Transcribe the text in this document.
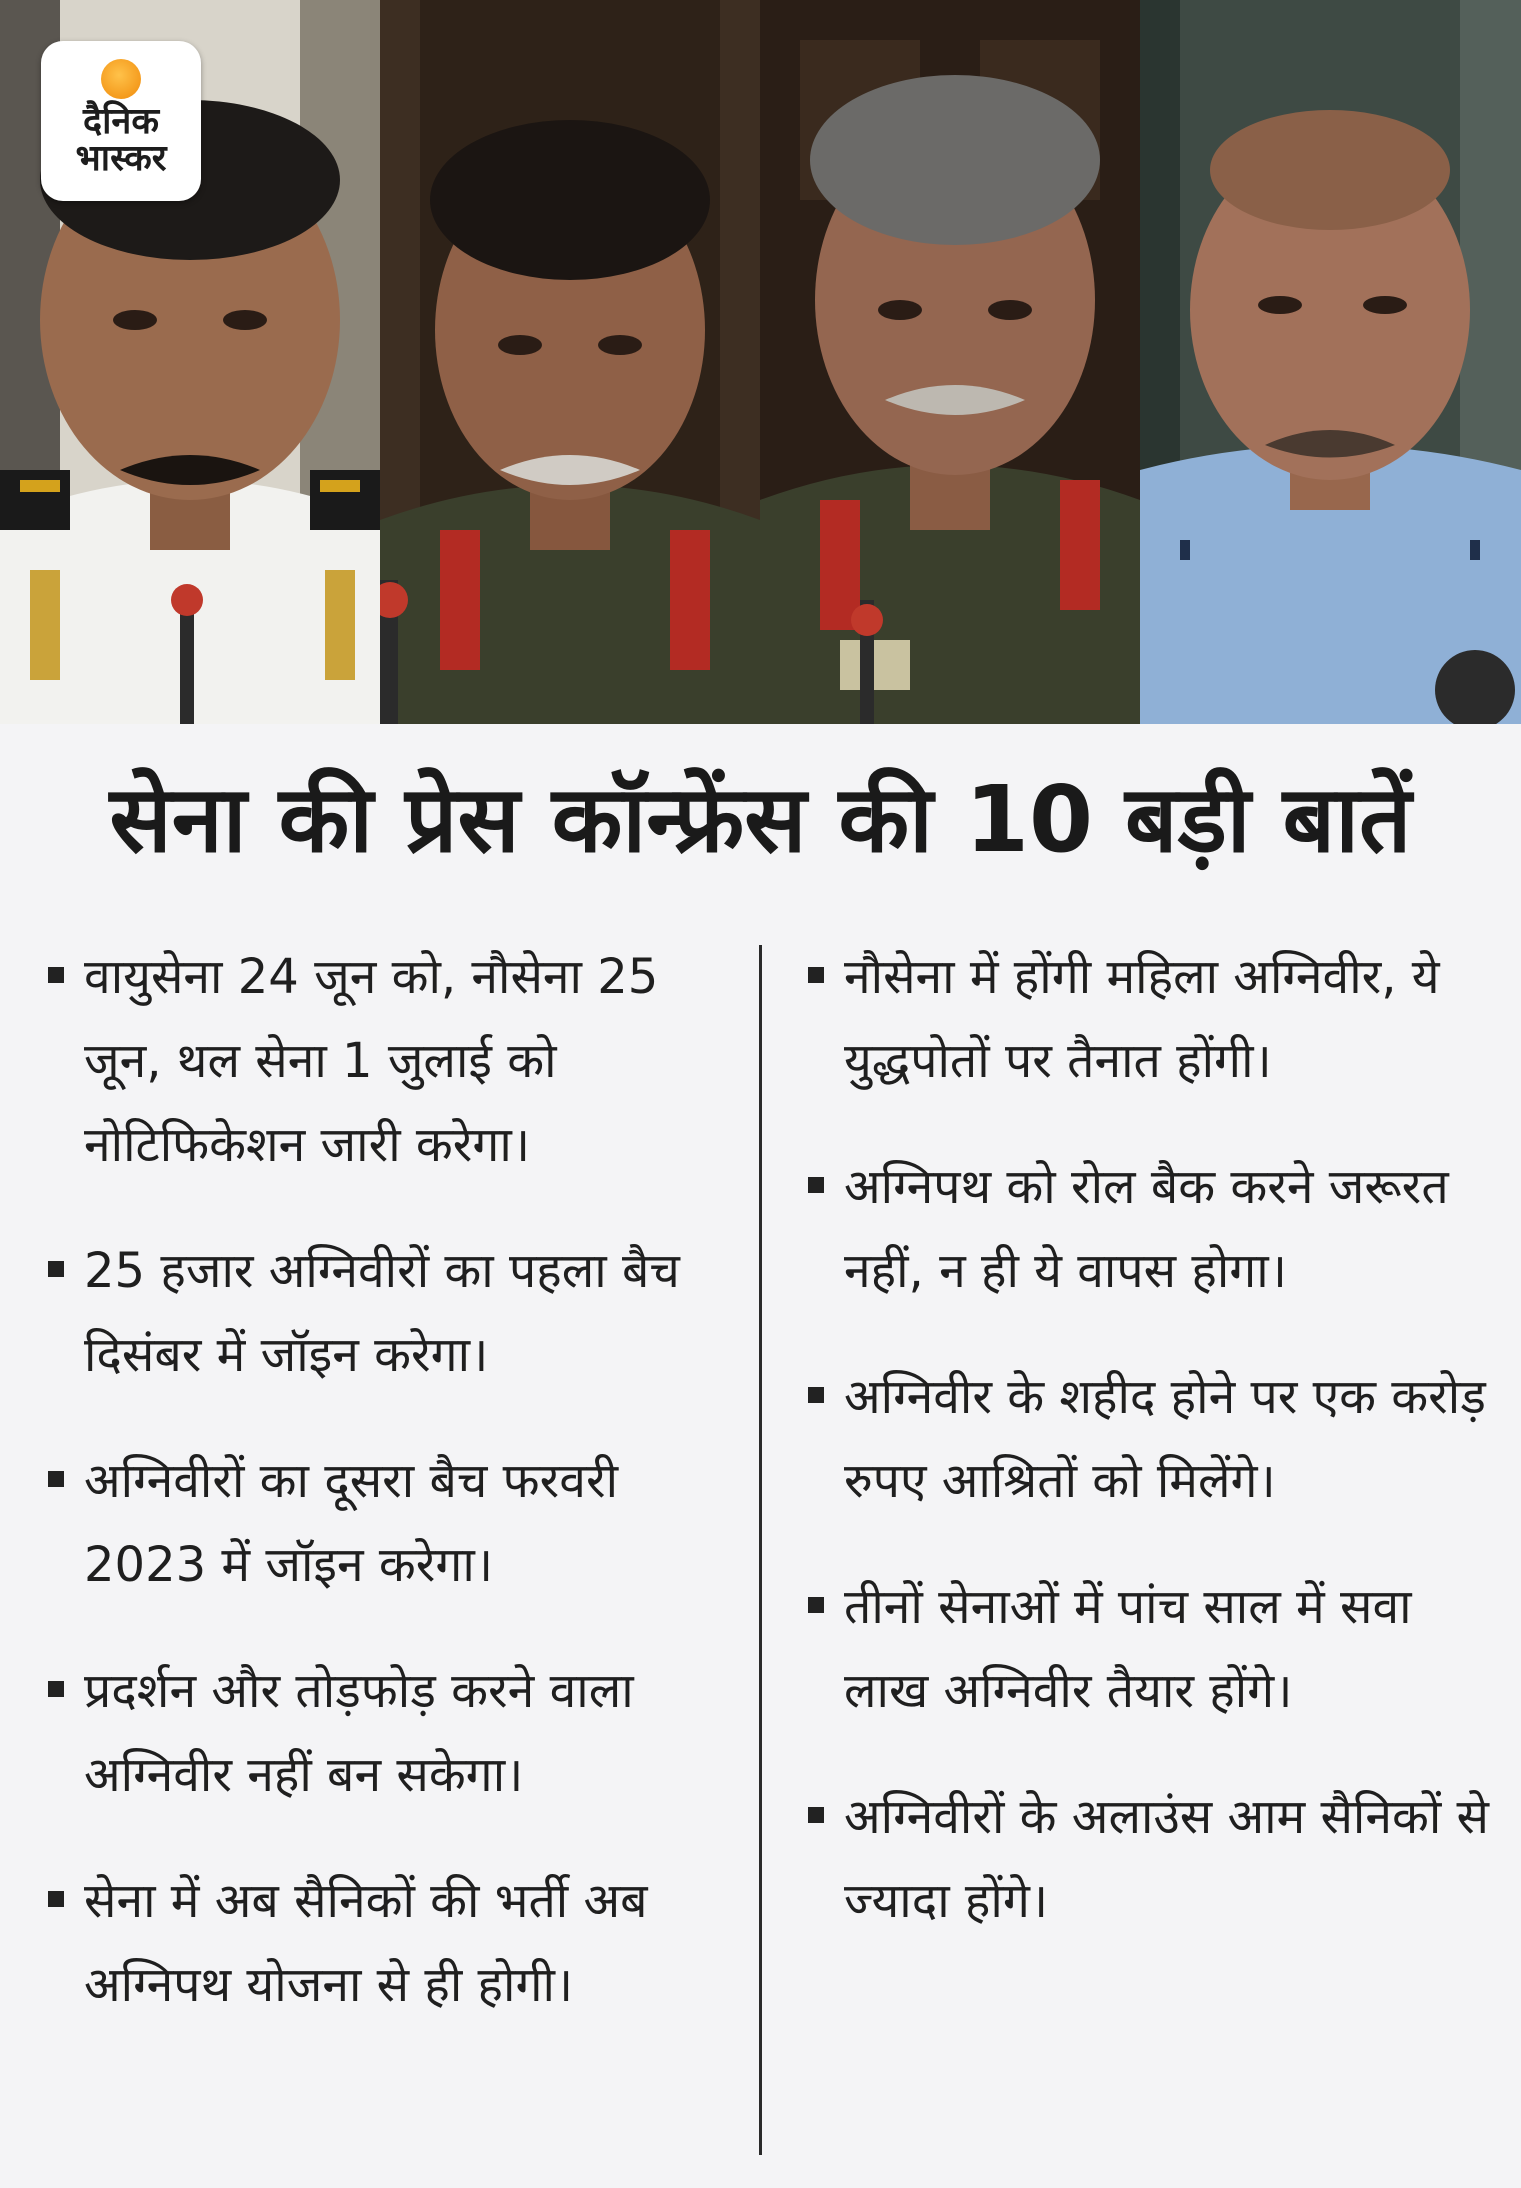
दैनिक
भास्कर
सेना की प्रेस कॉन्फ्रेंस की 10 बड़ी बातें
वायुसेना 24 जून को, नौसेना 25 जून, थल सेना 1 जुलाई को नोटिफिकेशन जारी करेगा।
25 हजार अग्निवीरों का पहला बैच दिसंबर में जॉइन करेगा।
अग्निवीरों का दूसरा बैच फरवरी 2023 में जॉइन करेगा।
प्रदर्शन और तोड़फोड़ करने वाला अग्निवीर नहीं बन सकेगा।
सेना में अब सैनिकों की भर्ती अब अग्निपथ योजना से ही होगी।
नौसेना में होंगी महिला अग्निवीर, ये युद्धपोतों पर तैनात होंगी।
अग्निपथ को रोल बैक करने जरूरत नहीं, न ही ये वापस होगा।
अग्निवीर के शहीद होने पर एक करोड़ रुपए आश्रितों को मिलेंगे।
तीनों सेनाओं में पांच साल में सवा लाख अग्निवीर तैयार होंगे।
अग्निवीरों के अलाउंस आम सैनिकों से ज्यादा होंगे।
